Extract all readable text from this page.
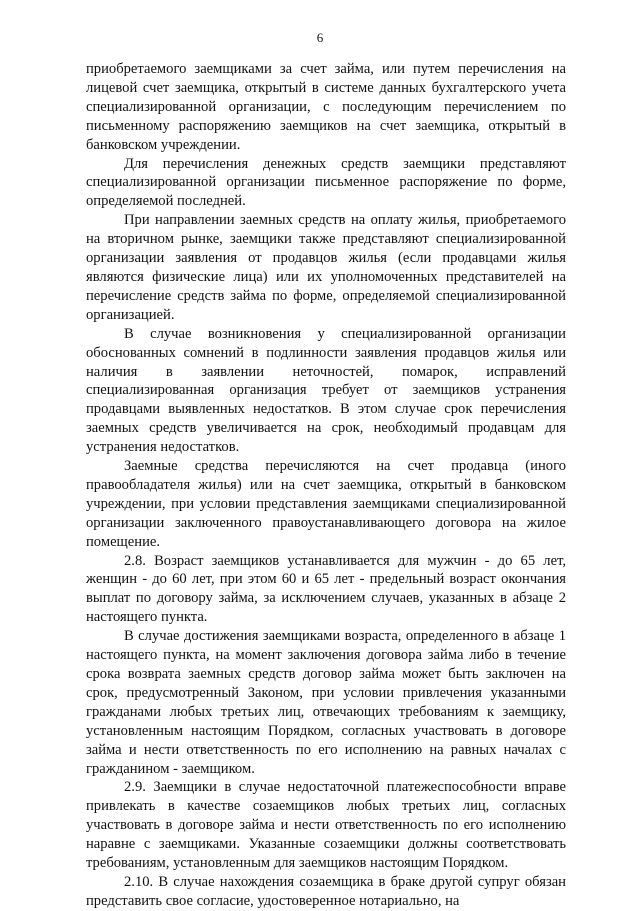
6

приобретаемого заемщиками за счет займа, или путем перечисления на лицевой счет заемщика, открытый в системе данных бухгалтерского учета специализированной организации, с последующим перечислением по письменному распоряжению заемщиков на счет заемщика, открытый в банковском учреждении.

Для перечисления денежных средств заемщики представляют специализированной организации письменное распоряжение по форме, определяемой последней.

При направлении заемных средств на оплату жилья, приобретаемого на вторичном рынке, заемщики также представляют специализированной организации заявления от продавцов жилья (если продавцами жилья являются физические лица) или их уполномоченных представителей на перечисление средств займа по форме, определяемой специализированной организацией.

В случае возникновения у специализированной организации обоснованных сомнений в подлинности заявления продавцов жилья или наличия в заявлении неточностей, помарок, исправлений специализированная организация требует от заемщиков устранения продавцами выявленных недостатков. В этом случае срок перечисления заемных средств увеличивается на срок, необходимый продавцам для устранения недостатков.

Заемные средства перечисляются на счет продавца (иного правообладателя жилья) или на счет заемщика, открытый в банковском учреждении, при условии представления заемщиками специализированной организации заключенного правоустанавливающего договора на жилое помещение.

2.8. Возраст заемщиков устанавливается для мужчин - до 65 лет, женщин - до 60 лет, при этом 60 и 65 лет - предельный возраст окончания выплат по договору займа, за исключением случаев, указанных в абзаце 2 настоящего пункта.

В случае достижения заемщиками возраста, определенного в абзаце 1 настоящего пункта, на момент заключения договора займа либо в течение срока возврата заемных средств договор займа может быть заключен на срок, предусмотренный Законом, при условии привлечения указанными гражданами любых третьих лиц, отвечающих требованиям к заемщику, установленным настоящим Порядком, согласных участвовать в договоре займа и нести ответственность по его исполнению на равных началах с гражданином - заемщиком.

2.9. Заемщики в случае недостаточной платежеспособности вправе привлекать в качестве созаемщиков любых третьих лиц, согласных участвовать в договоре займа и нести ответственность по его исполнению наравне с заемщиками. Указанные созаемщики должны соответствовать требованиям, установленным для заемщиков настоящим Порядком.

2.10. В случае нахождения созаемщика в браке другой супруг обязан представить свое согласие, удостоверенное нотариально, на
